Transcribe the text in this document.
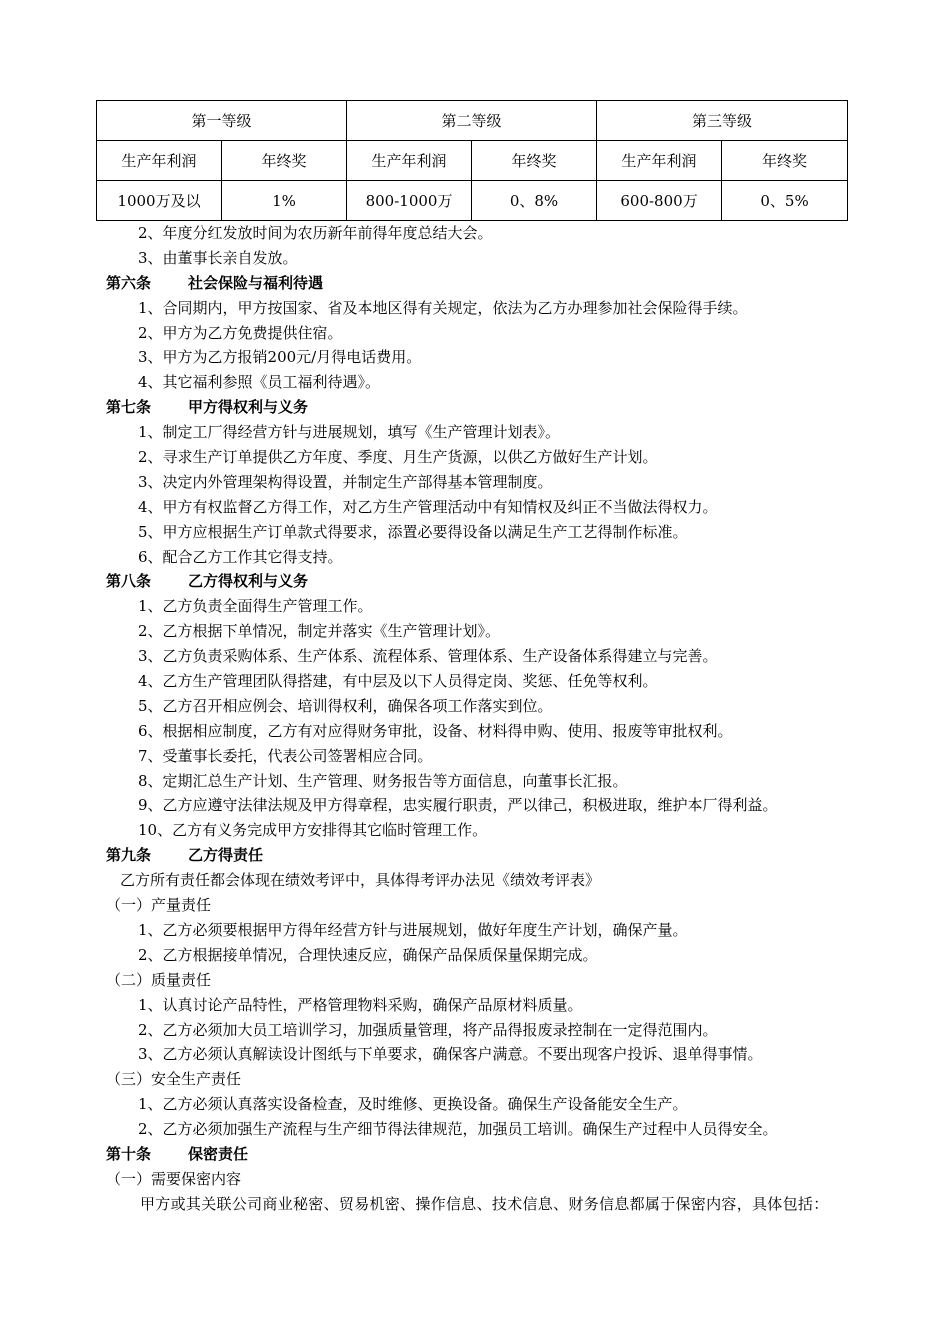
第一等级		第二等级		第三等级	
生产年利润	年终奖	生产年利润	年终奖	生产年利润	年终奖
1000万及以	1%	800-1000万	0、8%	600-800万	0、5%
2、年度分红发放时间为农历新年前得年度总结大会。
3、由董事长亲自发放。
第六条 社会保险与福利待遇
1、合同期内，甲方按国家、省及本地区得有关规定，依法为乙方办理参加社会保险得手续。
2、甲方为乙方免费提供住宿。
3、甲方为乙方报销200元/月得电话费用。
4、其它福利参照《员工福利待遇》。
第七条 甲方得权利与义务
1、制定工厂得经营方针与进展规划，填写《生产管理计划表》。
2、寻求生产订单提供乙方年度、季度、月生产货源，以供乙方做好生产计划。
3、决定内外管理架构得设置，并制定生产部得基本管理制度。
4、甲方有权监督乙方得工作，对乙方生产管理活动中有知情权及纠正不当做法得权力。
5、甲方应根据生产订单款式得要求，添置必要得设备以满足生产工艺得制作标准。
6、配合乙方工作其它得支持。
第八条 乙方得权利与义务
1、乙方负责全面得生产管理工作。
2、乙方根据下单情况，制定并落实《生产管理计划》。
3、乙方负责采购体系、生产体系、流程体系、管理体系、生产设备体系得建立与完善。
4、乙方生产管理团队得搭建，有中层及以下人员得定岗、奖惩、任免等权利。
5、乙方召开相应例会、培训得权利，确保各项工作落实到位。
6、根据相应制度，乙方有对应得财务审批，设备、材料得申购、使用、报废等审批权利。
7、受董事长委托，代表公司签署相应合同。
8、定期汇总生产计划、生产管理、财务报告等方面信息，向董事长汇报。
9、乙方应遵守法律法规及甲方得章程，忠实履行职责，严以律己，积极进取，维护本厂得利益。
10、乙方有义务完成甲方安排得其它临时管理工作。
第九条 乙方得责任
乙方所有责任都会体现在绩效考评中，具体得考评办法见《绩效考评表》
（一）产量责任
1、乙方必须要根据甲方得年经营方针与进展规划，做好年度生产计划，确保产量。
2、乙方根据接单情况，合理快速反应，确保产品保质保量保期完成。
（二）质量责任
1、认真讨论产品特性，严格管理物料采购，确保产品原材料质量。
2、乙方必须加大员工培训学习，加强质量管理，将产品得报废录控制在一定得范围内。
3、乙方必须认真解读设计图纸与下单要求，确保客户满意。不要出现客户投诉、退单得事情。
（三）安全生产责任
1、乙方必须认真落实设备检查，及时维修、更换设备。确保生产设备能安全生产。
2、乙方必须加强生产流程与生产细节得法律规范，加强员工培训。确保生产过程中人员得安全。
第十条 保密责任
（一）需要保密内容
甲方或其关联公司商业秘密、贸易机密、操作信息、技术信息、财务信息都属于保密内容，具体包括：
